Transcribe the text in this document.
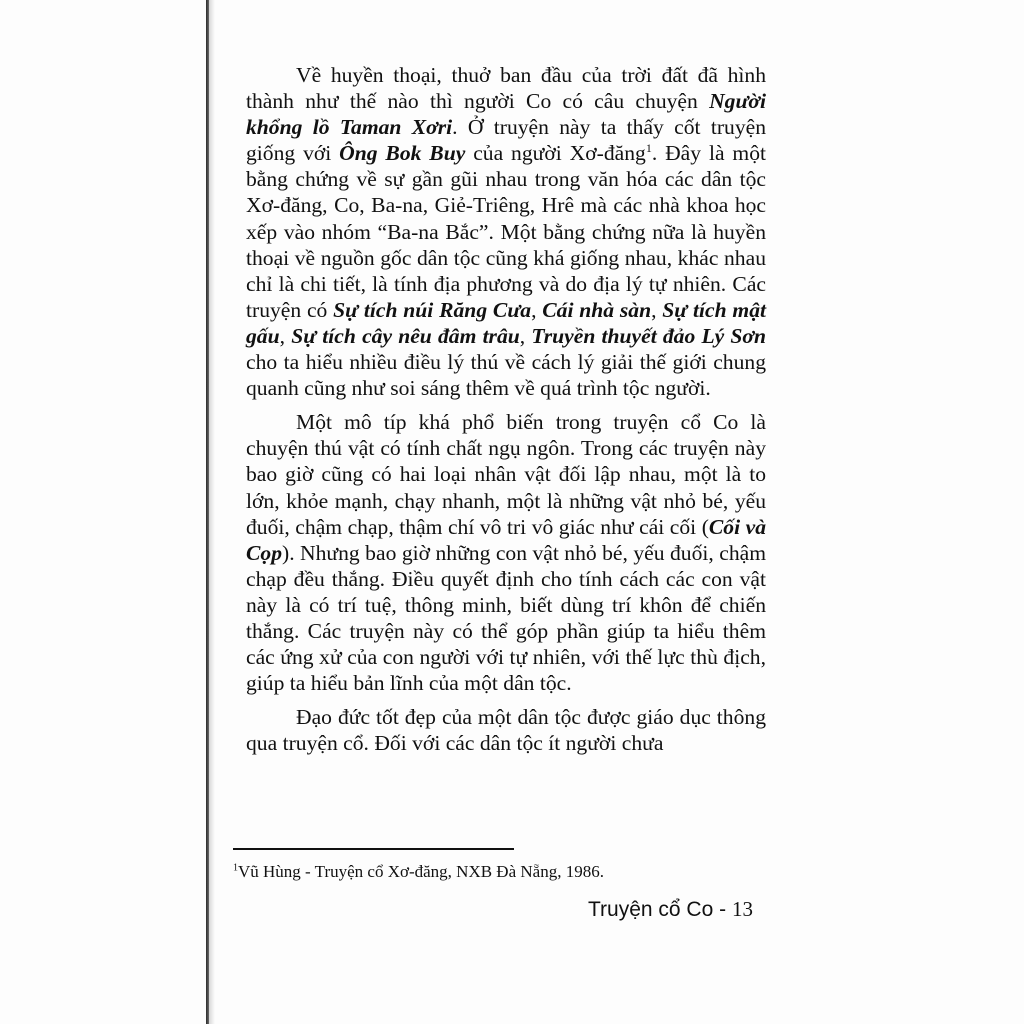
Về huyền thoại, thuở ban đầu của trời đất đã hình thành như thế nào thì người Co có câu chuyện Người khổng lồ Taman Xơri. Ở truyện này ta thấy cốt truyện giống với Ông Bok Buy của người Xơ-đăng$^1$. Đây là một bằng chứng về sự gần gũi nhau trong văn hóa các dân tộc Xơ-đăng, Co, Ba-na, Giẻ-Triêng, Hrê mà các nhà khoa học xếp vào nhóm “Ba-na Bắc”. Một bằng chứng nữa là huyền thoại về nguồn gốc dân tộc cũng khá giống nhau, khác nhau chỉ là chi tiết, là tính địa phương và do địa lý tự nhiên. Các truyện có Sự tích núi Răng Cưa, Cái nhà sàn, Sự tích mật gấu, Sự tích cây nêu đâm trâu, Truyền thuyết đảo Lý Sơn cho ta hiểu nhiều điều lý thú về cách lý giải thế giới chung quanh cũng như soi sáng thêm về quá trình tộc người.

Một mô típ khá phổ biến trong truyện cổ Co là chuyện thú vật có tính chất ngụ ngôn. Trong các truyện này bao giờ cũng có hai loại nhân vật đối lập nhau, một là to lớn, khỏe mạnh, chạy nhanh, một là những vật nhỏ bé, yếu đuối, chậm chạp, thậm chí vô tri vô giác như cái cối (Cối và Cọp). Nhưng bao giờ những con vật nhỏ bé, yếu đuối, chậm chạp đều thắng. Điều quyết định cho tính cách các con vật này là có trí tuệ, thông minh, biết dùng trí khôn để chiến thắng. Các truyện này có thể góp phần giúp ta hiểu thêm các ứng xử của con người với tự nhiên, với thế lực thù địch, giúp ta hiểu bản lĩnh của một dân tộc.

Đạo đức tốt đẹp của một dân tộc được giáo dục thông qua truyện cổ. Đối với các dân tộc ít người chưa

$^1$Vũ Hùng - Truyện cổ Xơ-đăng, NXB Đà Nẵng, 1986.
Truyện cổ Co - 13
